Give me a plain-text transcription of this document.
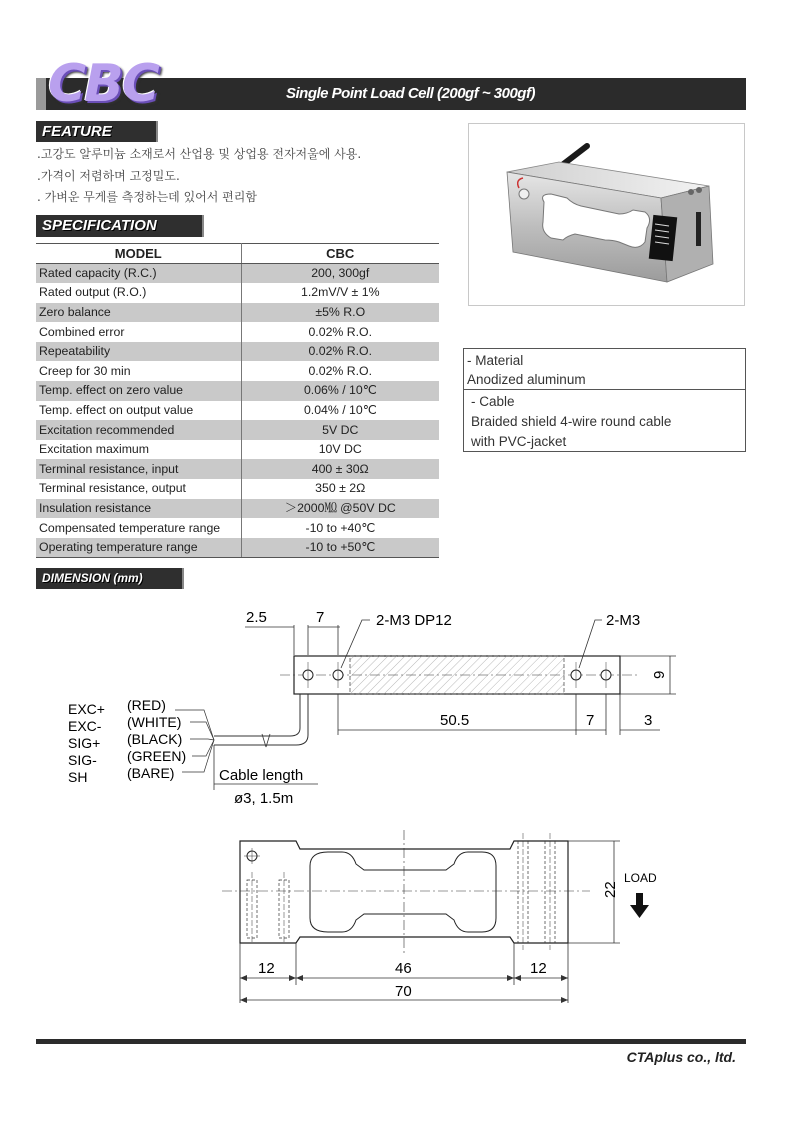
CBC	Single Point Load Cell (200gf ~ 300gf)
FEATURE
.고강도 알루미늄 소재로서 산업용 및 상업용 전자저울에 사용.
.가격이 저렴하며 고정밀도.
. 가벼운 무게를 측정하는데 있어서 편리함
SPECIFICATION
MODEL	CBC
Rated capacity (R.C.)	200, 300gf
Rated output (R.O.)	1.2mV/V ± 1%
Zero balance	±5% R.O
Combined error	0.02% R.O.
Repeatability	0.02% R.O.
Creep for 30 min	0.02% R.O.
Temp. effect on zero value	0.06% / 10℃
Temp. effect on output value	0.04% / 10℃
Excitation recommended	5V DC
Excitation maximum	10V DC
Terminal resistance, input	400 ± 30Ω
Terminal resistance, output	350 ± 2Ω
Insulation resistance	＞2000㏁ @50V DC
Compensated temperature range	-10 to +40℃
Operating temperature range	-10 to +50℃
- Material
Anodized aluminum
- Cable
Braided shield 4-wire round cable
with PVC-jacket
DIMENSION (mm)
2.5	7	2-M3 DP12	2-M3
9
50.5	7	3
Cable length
ø3, 1.5m
EXC+
EXC-
SIG+
SIG-
SH
(RED)
(WHITE)
(BLACK)
(GREEN)
(BARE)
12	46	12
70
22
LOAD
CTAplus co., ltd.
